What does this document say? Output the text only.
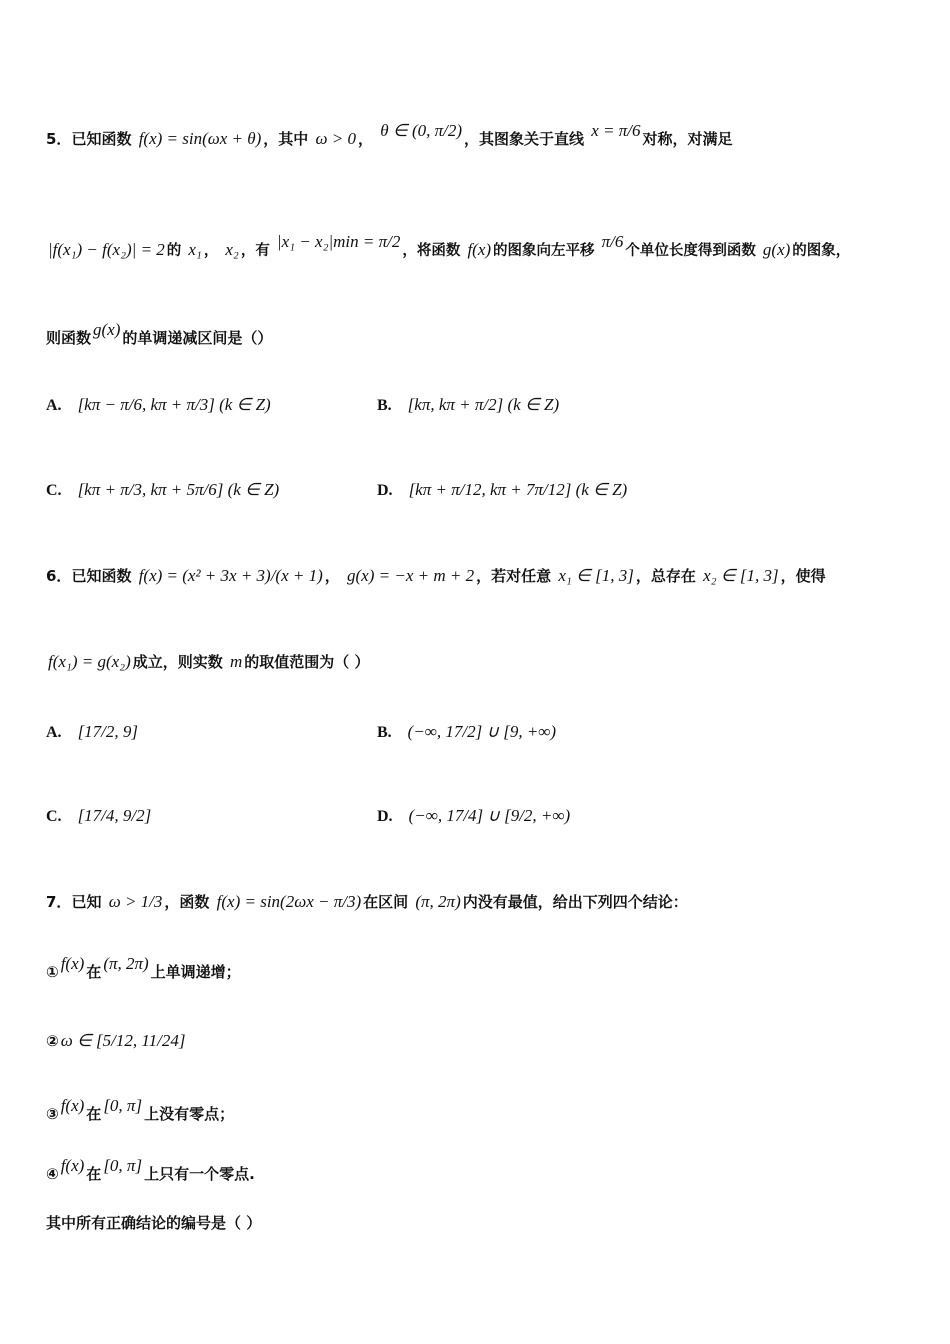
5．已知函数 f(x) = sin(ωx + θ) ，其中 ω > 0 ， θ ∈ (0, π/2) ，其图象关于直线 x = π/6 对称，对满足
|f(x₁) − f(x₂)| = 2 的 x₁ ， x₂ ，有 |x₁ − x₂|min = π/2 ，将函数 f(x) 的图象向左平移 π/6 个单位长度得到函数 g(x) 的图象，
则函数 g(x) 的单调递减区间是（）
A. [kπ − π/6, kπ + π/3] (k ∈ Z)	B. [kπ, kπ + π/2] (k ∈ Z)
C. [kπ + π/3, kπ + 5π/6] (k ∈ Z)	D. [kπ + π/12, kπ + 7π/12] (k ∈ Z)
6．已知函数 f(x) = (x² + 3x + 3)/(x + 1) ， g(x) = −x + m + 2 ，若对任意 x₁ ∈ [1, 3] ，总存在 x₂ ∈ [1, 3] ，使得
f(x₁) = g(x₂) 成立，则实数 m 的取值范围为（ ）
A. [17/2, 9]	B. (−∞, 17/2] ∪ [9, +∞)
C. [17/4, 9/2]	D. (−∞, 17/4] ∪ [9/2, +∞)
7．已知 ω > 1/3 ，函数 f(x) = sin(2ωx − π/3) 在区间 (π, 2π) 内没有最值，给出下列四个结论：
① f(x) 在 (π, 2π) 上单调递增；
② ω ∈ [5/12, 11/24]
③ f(x) 在 [0, π] 上没有零点；
④ f(x) 在 [0, π] 上只有一个零点.
其中所有正确结论的编号是（ ）
